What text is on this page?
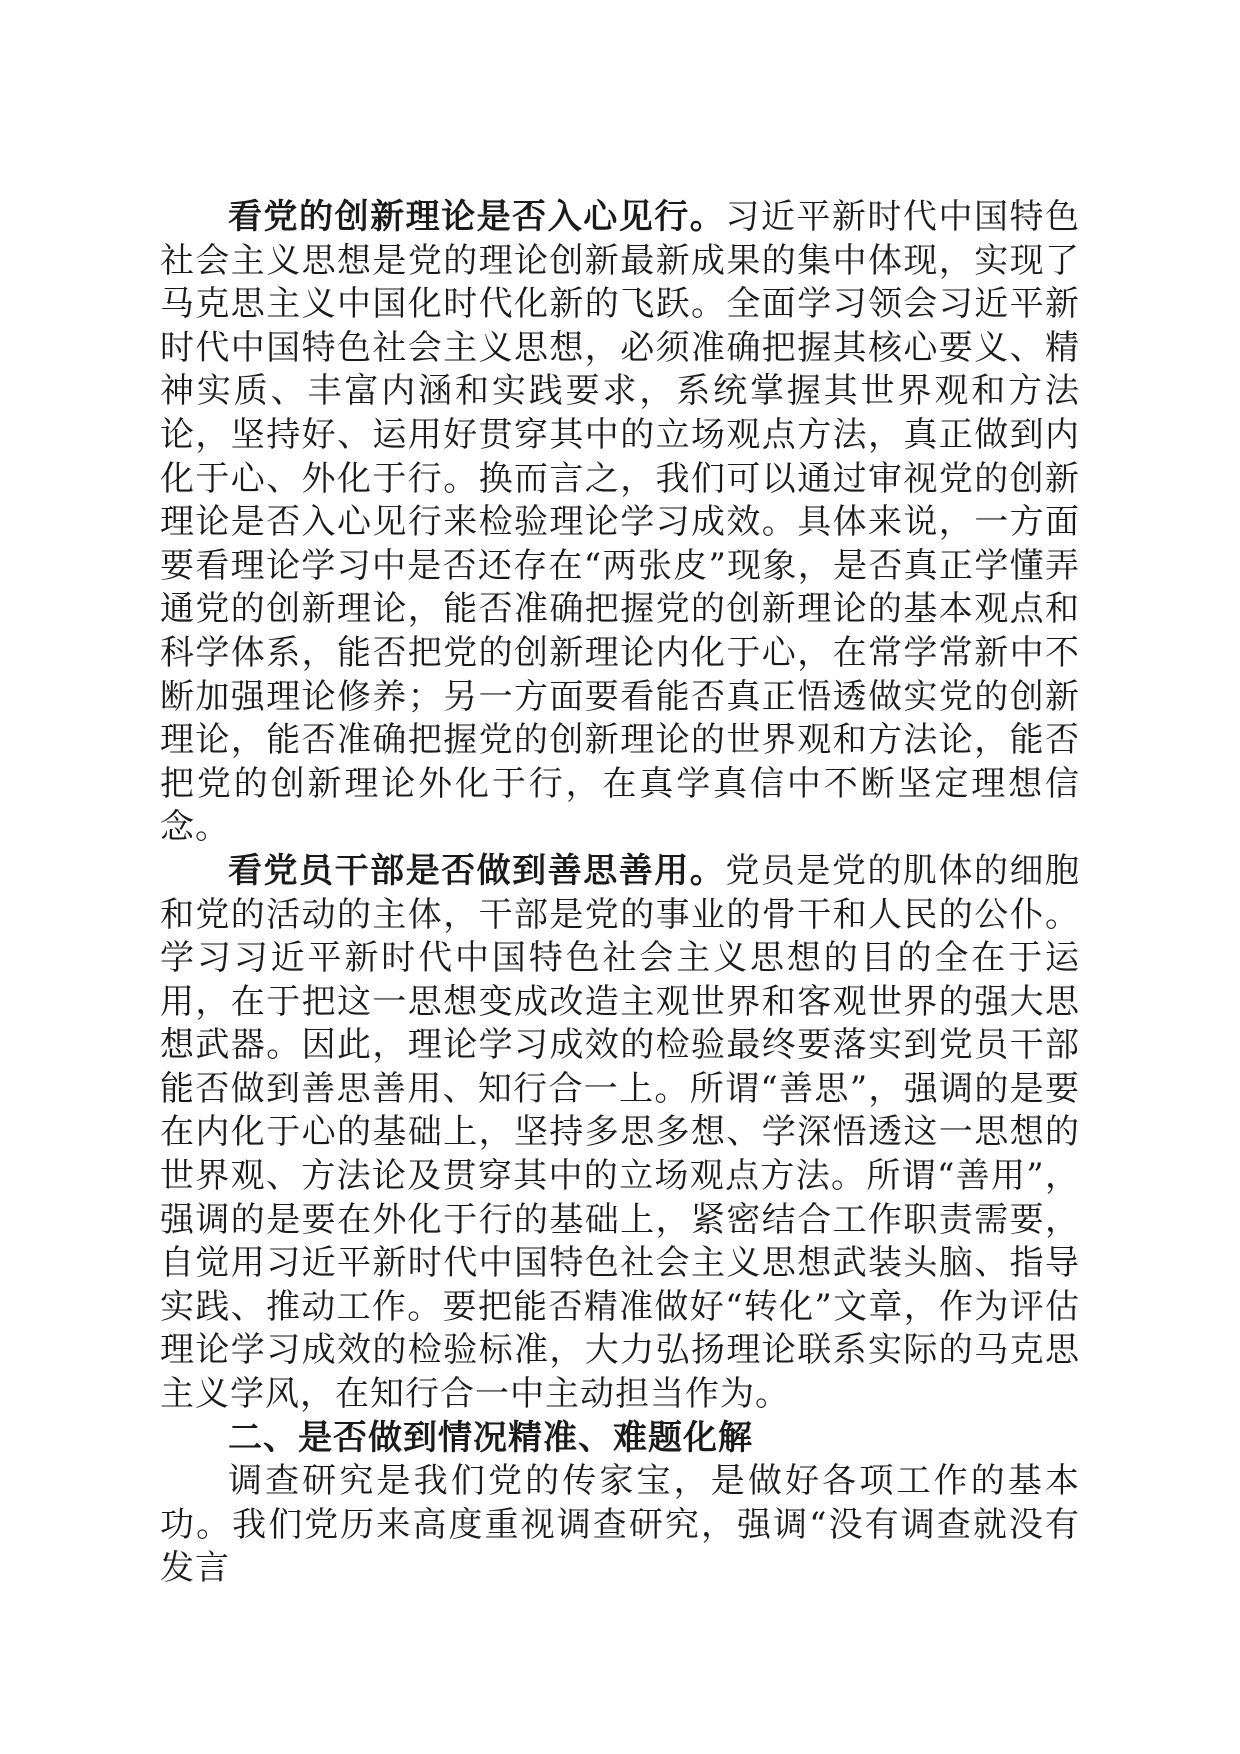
看党的创新理论是否入心见行。习近平新时代中国特色社会主义思想是党的理论创新最新成果的集中体现，实现了马克思主义中国化时代化新的飞跃。全面学习领会习近平新时代中国特色社会主义思想，必须准确把握其核心要义、精神实质、丰富内涵和实践要求，系统掌握其世界观和方法论，坚持好、运用好贯穿其中的立场观点方法，真正做到内化于心、外化于行。换而言之，我们可以通过审视党的创新理论是否入心见行来检验理论学习成效。具体来说，一方面要看理论学习中是否还存在“两张皮”现象，是否真正学懂弄通党的创新理论，能否准确把握党的创新理论的基本观点和科学体系，能否把党的创新理论内化于心，在常学常新中不断加强理论修养；另一方面要看能否真正悟透做实党的创新理论，能否准确把握党的创新理论的世界观和方法论，能否把党的创新理论外化于行，在真学真信中不断坚定理想信念。

看党员干部是否做到善思善用。党员是党的肌体的细胞和党的活动的主体，干部是党的事业的骨干和人民的公仆。学习习近平新时代中国特色社会主义思想的目的全在于运用，在于把这一思想变成改造主观世界和客观世界的强大思想武器。因此，理论学习成效的检验最终要落实到党员干部能否做到善思善用、知行合一上。所谓“善思”，强调的是要在内化于心的基础上，坚持多思多想、学深悟透这一思想的世界观、方法论及贯穿其中的立场观点方法。所谓“善用”，强调的是要在外化于行的基础上，紧密结合工作职责需要，自觉用习近平新时代中国特色社会主义思想武装头脑、指导实践、推动工作。要把能否精准做好“转化”文章，作为评估理论学习成效的检验标准，大力弘扬理论联系实际的马克思主义学风，在知行合一中主动担当作为。

二、是否做到情况精准、难题化解

调查研究是我们党的传家宝，是做好各项工作的基本功。我们党历来高度重视调查研究，强调“没有调查就没有发言
